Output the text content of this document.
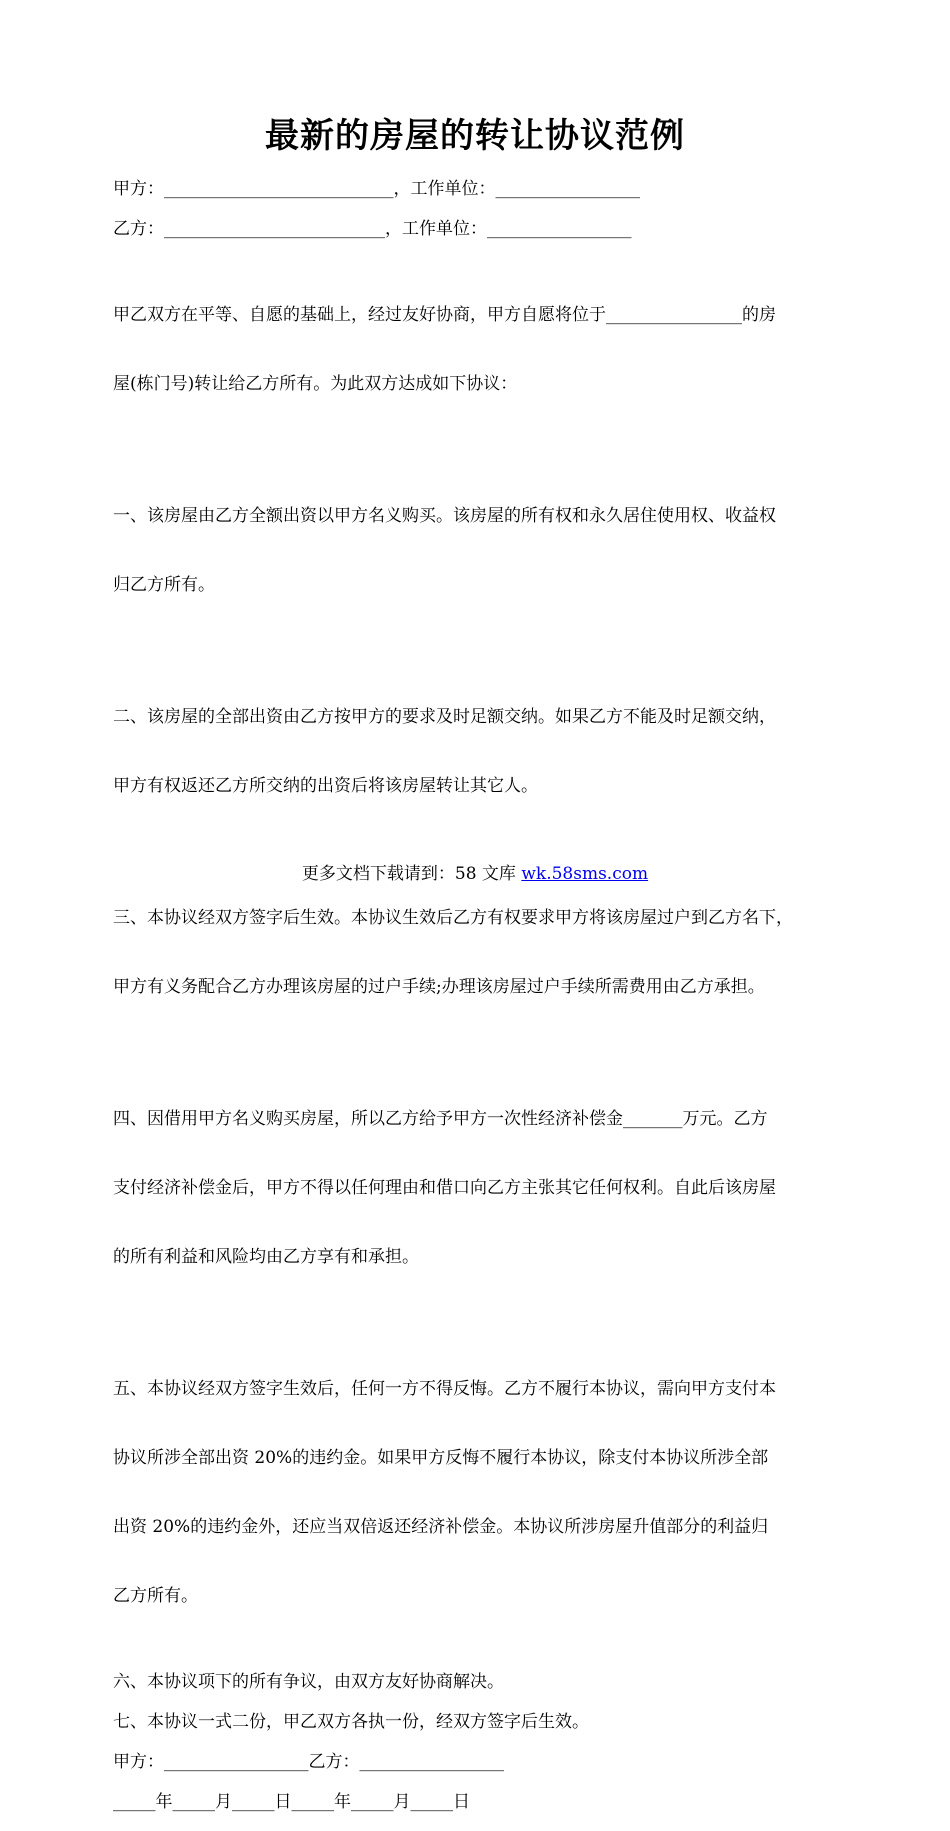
最新的房屋的转让协议范例

甲方：___________________________，工作单位：_________________

乙方：__________________________，工作单位：_________________

甲乙双方在平等、自愿的基础上，经过友好协商，甲方自愿将位于________________的房

屋(栋门号)转让给乙方所有。为此双方达成如下协议：

一、该房屋由乙方全额出资以甲方名义购买。该房屋的所有权和永久居住使用权、收益权

归乙方所有。

二、该房屋的全部出资由乙方按甲方的要求及时足额交纳。如果乙方不能及时足额交纳，

甲方有权返还乙方所交纳的出资后将该房屋转让其它人。

三、本协议经双方签字后生效。本协议生效后乙方有权要求甲方将该房屋过户到乙方名下，

甲方有义务配合乙方办理该房屋的过户手续;办理该房屋过户手续所需费用由乙方承担。

四、因借用甲方名义购买房屋，所以乙方给予甲方一次性经济补偿金_______万元。乙方

支付经济补偿金后，甲方不得以任何理由和借口向乙方主张其它任何权利。自此后该房屋

的所有利益和风险均由乙方享有和承担。

五、本协议经双方签字生效后，任何一方不得反悔。乙方不履行本协议，需向甲方支付本

协议所涉全部出资 20%的违约金。如果甲方反悔不履行本协议，除支付本协议所涉全部

出资 20%的违约金外，还应当双倍返还经济补偿金。本协议所涉房屋升值部分的利益归

乙方所有。

六、本协议项下的所有争议，由双方友好协商解决。

七、本协议一式二份，甲乙双方各执一份，经双方签字后生效。

甲方：_________________乙方：_________________

_____年_____月_____日_____年_____月_____日

更多文档下载请到：58 文库 wk.58sms.com
